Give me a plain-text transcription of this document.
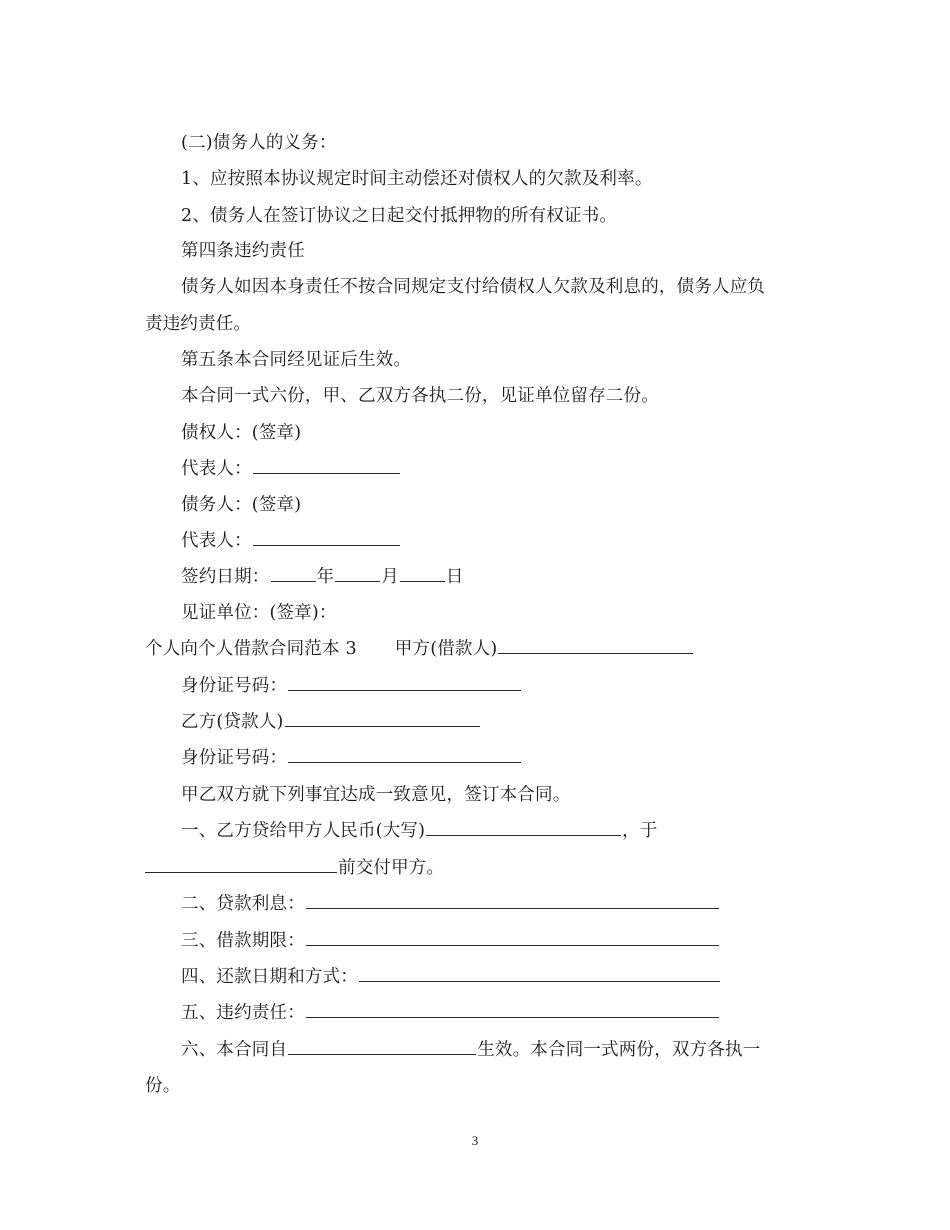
(二)债务人的义务：
1、应按照本协议规定时间主动偿还对债权人的欠款及利率。
2、债务人在签订协议之日起交付抵押物的所有权证书。
第四条违约责任
债务人如因本身责任不按合同规定支付给债权人欠款及利息的，债务人应负
责违约责任。
第五条本合同经见证后生效。
本合同一式六份，甲、乙双方各执二份，见证单位留存二份。
债权人：(签章)
代表人：
债务人：(签章)
代表人：
签约日期：	年	月	日
见证单位：(签章)：
个人向个人借款合同范本 3 甲方(借款人)
身份证号码：
乙方(贷款人)
身份证号码：
甲乙双方就下列事宜达成一致意见，签订本合同。
一、乙方贷给甲方人民币(大写)	，于
前交付甲方。
二、贷款利息：
三、借款期限：
四、还款日期和方式：
五、违约责任：
六、本合同自	生效。本合同一式两份，双方各执一
份。
3
